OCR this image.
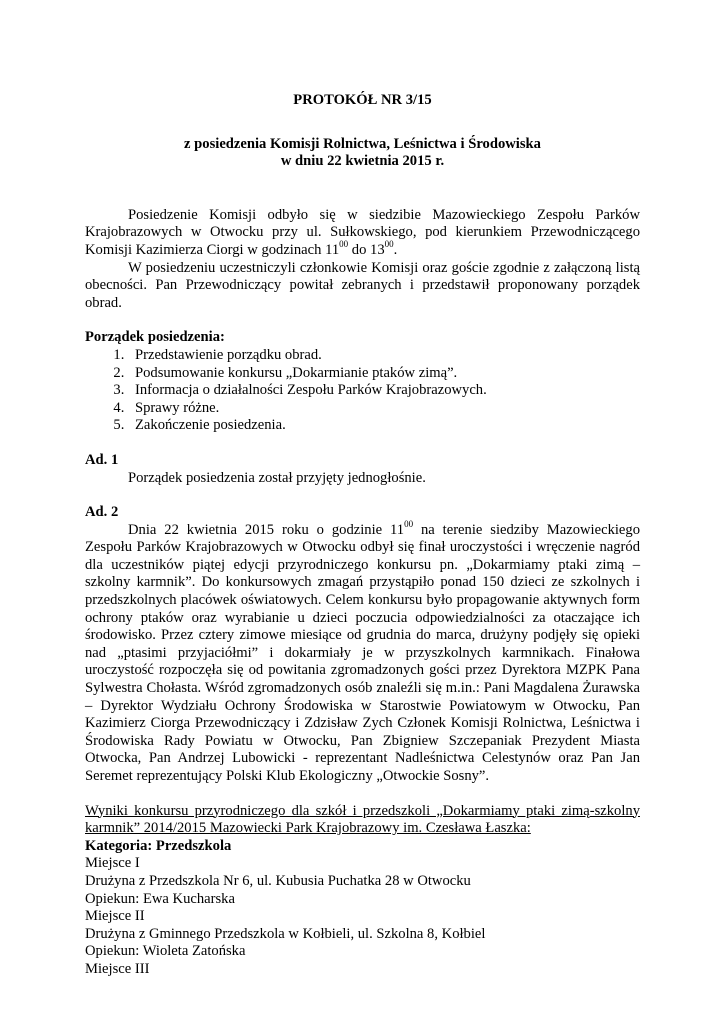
PROTOKÓŁ NR 3/15

z posiedzenia Komisji Rolnictwa, Leśnictwa i Środowiska
w dniu 22 kwietnia 2015 r.

Posiedzenie Komisji odbyło się w siedzibie Mazowieckiego Zespołu Parków Krajobrazowych w Otwocku przy ul. Sułkowskiego, pod kierunkiem Przewodniczącego Komisji Kazimierza Ciorgi w godzinach $11^{00}$ do $13^{00}$.

W posiedzeniu uczestniczyli członkowie Komisji oraz goście zgodnie z załączoną listą obecności. Pan Przewodniczący powitał zebranych i przedstawił proponowany porządek obrad.

Porządek posiedzenia:
1. Przedstawienie porządku obrad.
2. Podsumowanie konkursu „Dokarmianie ptaków zimą”.
3. Informacja o działalności Zespołu Parków Krajobrazowych.
4. Sprawy różne.
5. Zakończenie posiedzenia.
Ad. 1
Porządek posiedzenia został przyjęty jednogłośnie.
Ad. 2

Dnia 22 kwietnia 2015 roku o godzinie $11^{00}$ na terenie siedziby Mazowieckiego Zespołu Parków Krajobrazowych w Otwocku odbył się finał uroczystości i wręczenie nagród dla uczestników piątej edycji przyrodniczego konkursu pn. „Dokarmiamy ptaki zimą – szkolny karmnik”. Do konkursowych zmagań przystąpiło ponad 150 dzieci ze szkolnych i przedszkolnych placówek oświatowych. Celem konkursu było propagowanie aktywnych form ochrony ptaków oraz wyrabianie u dzieci poczucia odpowiedzialności za otaczające ich środowisko. Przez cztery zimowe miesiące od grudnia do marca, drużyny podjęły się opieki nad „ptasimi przyjaciółmi” i dokarmiały je w przyszkolnych karmnikach. Finałowa uroczystość rozpoczęła się od powitania zgromadzonych gości przez Dyrektora MZPK Pana Sylwestra Chołasta. Wśród zgromadzonych osób znaleźli się m.in.: Pani Magdalena Żurawska – Dyrektor Wydziału Ochrony Środowiska w Starostwie Powiatowym w Otwocku, Pan Kazimierz Ciorga Przewodniczący i Zdzisław Zych Członek Komisji Rolnictwa, Leśnictwa i Środowiska Rady Powiatu w Otwocku, Pan Zbigniew Szczepaniak Prezydent Miasta Otwocka, Pan Andrzej Lubowicki - reprezentant Nadleśnictwa Celestynów oraz Pan Jan Seremet reprezentujący Polski Klub Ekologiczny „Otwockie Sosny”.

Wyniki konkursu przyrodniczego dla szkół i przedszkoli „Dokarmiamy ptaki zimą-szkolny karmnik” 2014/2015 Mazowiecki Park Krajobrazowy im. Czesława Łaszka:

Kategoria: Przedszkola
Miejsce I
Drużyna z Przedszkola Nr 6, ul. Kubusia Puchatka 28 w Otwocku
Opiekun: Ewa Kucharska
Miejsce II
Drużyna z Gminnego Przedszkola w Kołbieli, ul. Szkolna 8, Kołbiel
Opiekun: Wioleta Zatońska
Miejsce III
